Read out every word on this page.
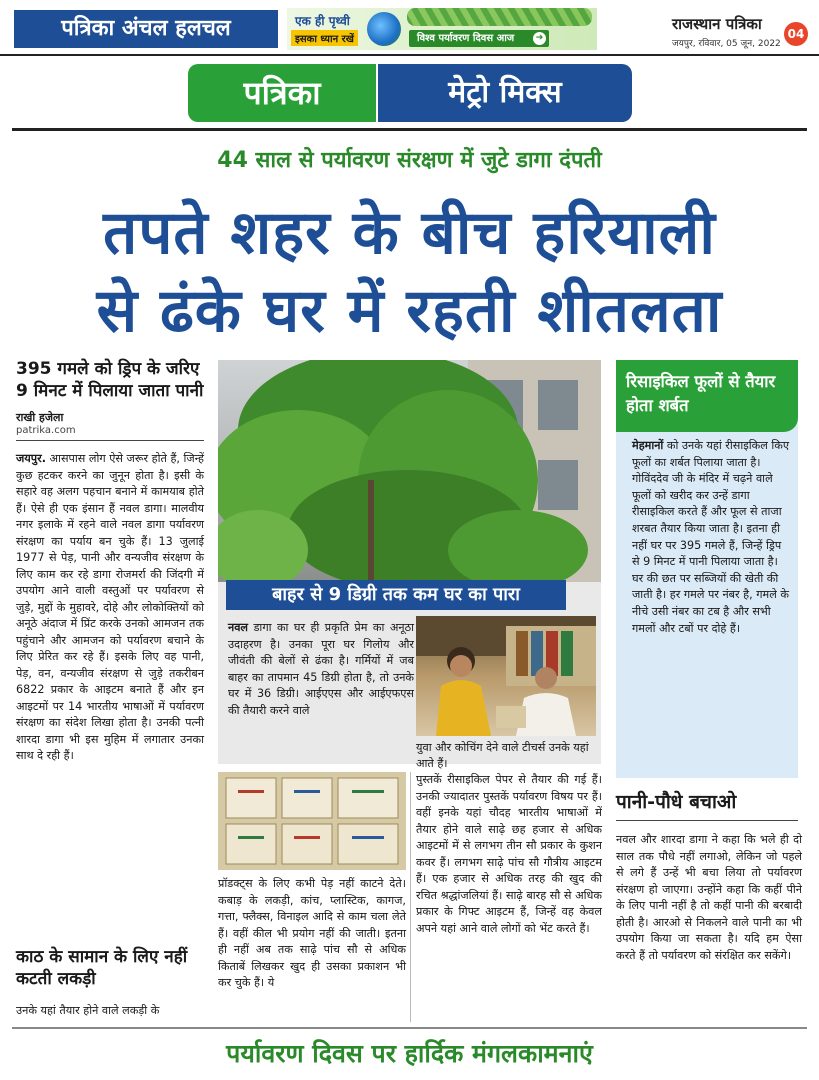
पत्रिका अंचल हलचल	एक ही पृथ्वी
इसका ध्यान रखें	विश्व पर्यावरण दिवस आज	➔
राजस्थान पत्रिका
जयपुर, रविवार, 05 जून, 2022
04
पत्रिका	मेट्रो मिक्स
44 साल से पर्यावरण संरक्षण में जुटे डागा दंपती
तपते शहर के बीच हरियाली
से ढंके घर में रहती शीतलता
395 गमले को ड्रिप के जरिए 9 मिनट में पिलाया जाता पानी
राखी हजेला
patrika.com
जयपुर. आसपास लोग ऐसे जरूर होते हैं, जिन्हें कुछ हटकर करने का जुनून होता है। इसी के सहारे वह अलग पहचान बनाने में कामयाब होते हैं। ऐसे ही एक इंसान हैं नवल डागा। मालवीय नगर इलाके में रहने वाले नवल डागा पर्यावरण संरक्षण का पर्याय बन चुके हैं। 13 जुलाई 1977 से पेड़, पानी और वन्यजीव संरक्षण के लिए काम कर रहे डागा रोजमर्रा की जिंदगी में उपयोग आने वाली वस्तुओं पर पर्यावरण से जुड़े, मुद्दों के मुहावरे, दोहे और लोकोक्तियों को अनूठे अंदाज में प्रिंट करके उनको आमजन तक पहुंचाने और आमजन को पर्यावरण बचाने के लिए प्रेरित कर रहे हैं। इसके लिए वह पानी, पेड़, वन, वन्यजीव संरक्षण से जुड़े तकरीबन 6822 प्रकार के आइटम बनाते हैं और इन आइटमों पर 14 भारतीय भाषाओं में पर्यावरण संरक्षण का संदेश लिखा होता है। उनकी पत्नी शारदा डागा भी इस मुहिम में लगातार उनका साथ दे रही हैं।
काठ के सामान के लिए नहीं कटती लकड़ी
उनके यहां तैयार होने वाले लकड़ी के
बाहर से 9 डिग्री तक कम घर का पारा
नवल डागा का घर ही प्रकृति प्रेम का अनूठा उदाहरण है। उनका पूरा घर गिलोय और जीवंती की बेलों से ढंका है। गर्मियों में जब बाहर का तापमान 45 डिग्री होता है, तो उनके घर में 36 डिग्री। आईएएस और आईएफएस की तैयारी करने वाले
युवा और कोचिंग देने वाले टीचर्स उनके यहां आते हैं।
प्रॉडक्ट्स के लिए कभी पेड़ नहीं काटने देते। कबाड़ के लकड़ी, कांच, प्लास्टिक, कागज, गत्ता, फ्लैक्स, विनाइल आदि से काम चला लेते हैं। वहीं कील भी प्रयोग नहीं की जाती। इतना ही नहीं अब तक साढ़े पांच सौ से अधिक किताबें लिखकर खुद ही उसका प्रकाशन भी कर चुके हैं। ये
पुस्तकें रीसाइकिल पेपर से तैयार की गई हैं। उनकी ज्यादातर पुस्तकें पर्यावरण विषय पर हैं। वहीं इनके यहां चौदह भारतीय भाषाओं में तैयार होने वाले साढ़े छह हजार से अधिक आइटमों में से लगभग तीन सौ प्रकार के कुशन कवर हैं। लगभग साढ़े पांच सौ गौत्रीय आइटम हैं। एक हजार से अधिक तरह की खुद की रचित श्रद्धांजलियां हैं। साढ़े बारह सौ से अधिक प्रकार के गिफ्ट आइटम हैं, जिन्हें वह केवल अपने यहां आने वाले लोगों को भेंट करते हैं।
रिसाइकिल फूलों से तैयार होता शर्बत
मेहमानों को उनके यहां रीसाइकिल किए फूलों का शर्बत पिलाया जाता है। गोविंददेव जी के मंदिर में चढ़ने वाले फूलों को खरीद कर उन्हें डागा रीसाइकिल करते हैं और फूल से ताजा शरबत तैयार किया जाता है। इतना ही नहीं घर पर 395 गमले हैं, जिन्हें ड्रिप से 9 मिनट में पानी पिलाया जाता है। घर की छत पर सब्जियों की खेती की जाती है। हर गमले पर नंबर है, गमले के नीचे उसी नंबर का टब है और सभी गमलों और टबों पर दोहे हैं।
पानी-पौधे बचाओ
नवल और शारदा डागा ने कहा कि भले ही दो साल तक पौधे नहीं लगाओ, लेकिन जो पहले से लगे हैं उन्हें भी बचा लिया तो पर्यावरण संरक्षण हो जाएगा। उन्होंने कहा कि कहीं पीने के लिए पानी नहीं है तो कहीं पानी की बरबादी होती है। आरओ से निकलने वाले पानी का भी उपयोग किया जा सकता है। यदि हम ऐसा करते हैं तो पर्यावरण को संरक्षित कर सकेंगे।
पर्यावरण दिवस पर हार्दिक मंगलकामनाएं
